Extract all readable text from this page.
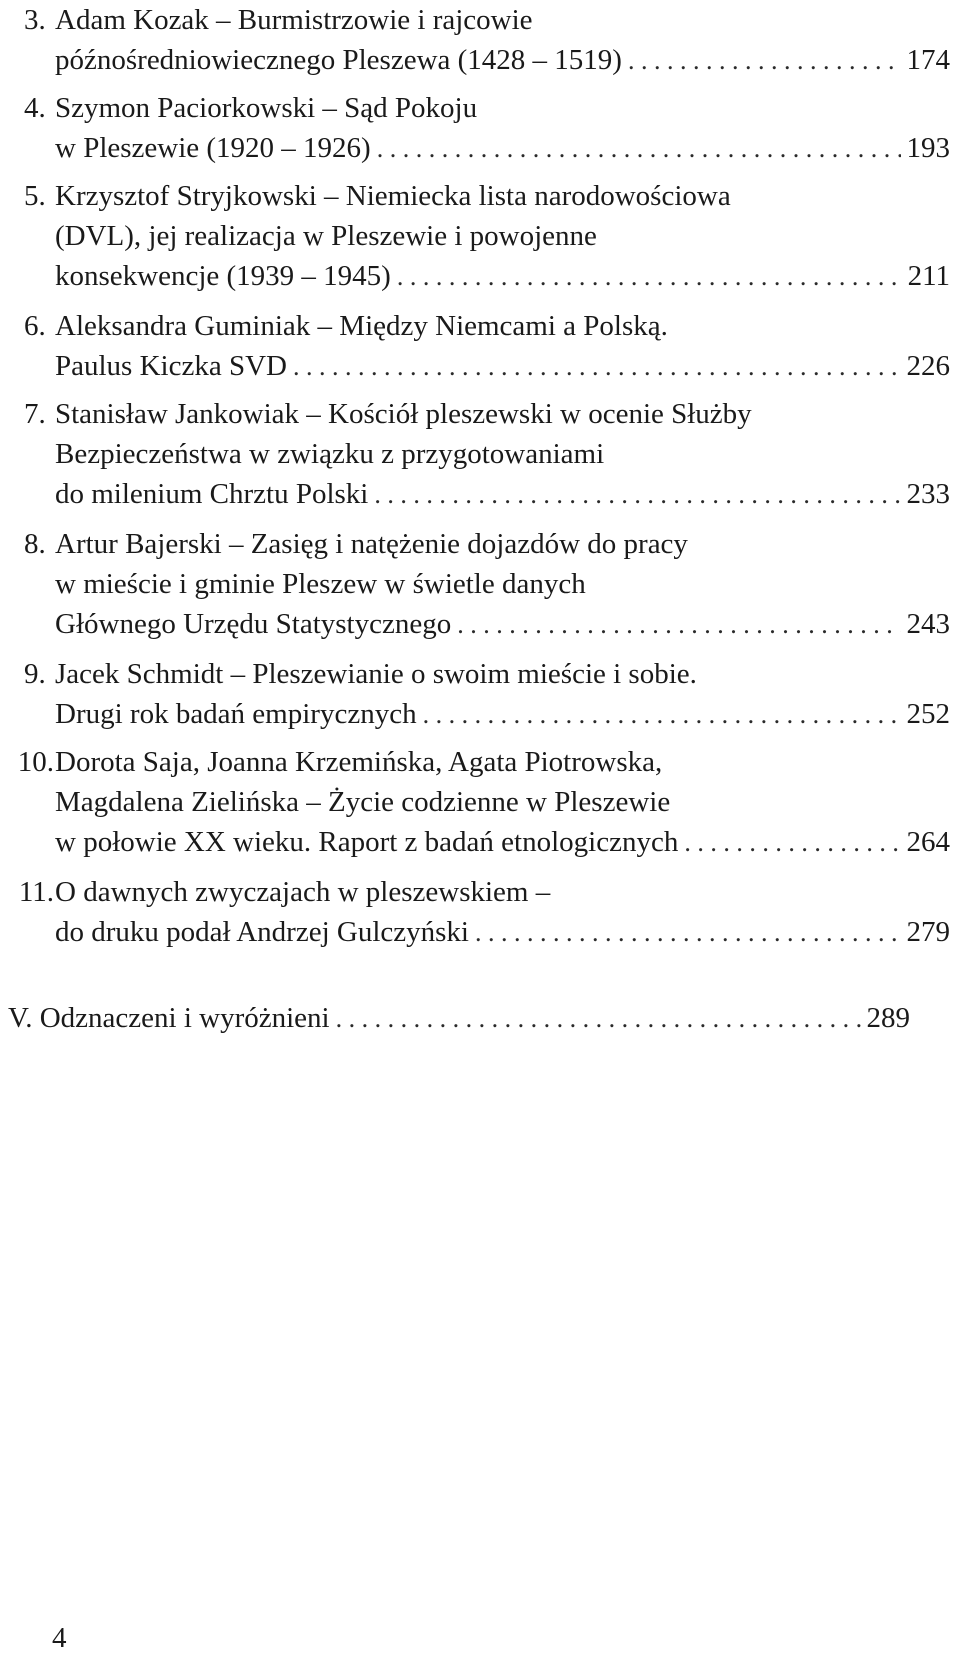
3. Adam Kozak – Burmistrzowie i rajcowie
późnośredniowiecznego Pleszewa (1428 – 1519) . . .	174
4. Szymon Paciorkowski – Sąd Pokoju
w Pleszewie (1920 – 1926) . . .	193
5. Krzysztof Stryjkowski – Niemiecka lista narodowościowa
(DVL), jej realizacja w Pleszewie i powojenne
konsekwencje (1939 – 1945) . . .	211
6. Aleksandra Guminiak – Między Niemcami a Polską.
Paulus Kiczka SVD . . .	226
7. Stanisław Jankowiak – Kościół pleszewski w ocenie Służby
Bezpieczeństwa w związku z przygotowaniami
do milenium Chrztu Polski . . .	233
8. Artur Bajerski – Zasięg i natężenie dojazdów do pracy
w mieście i gminie Pleszew w świetle danych
Głównego Urzędu Statystycznego . . .	243
9. Jacek Schmidt – Pleszewianie o swoim mieście i sobie.
Drugi rok badań empirycznych . . .	252
10. Dorota Saja, Joanna Krzemińska, Agata Piotrowska,
Magdalena Zielińska – Życie codzienne w Pleszewie
w połowie XX wieku. Raport z badań etnologicznych . . .	264
11. O dawnych zwyczajach w pleszewskiem –
do druku podał Andrzej Gulczyński . . .	279
V. Odznaczeni i wyróżnieni . . .	289
4
